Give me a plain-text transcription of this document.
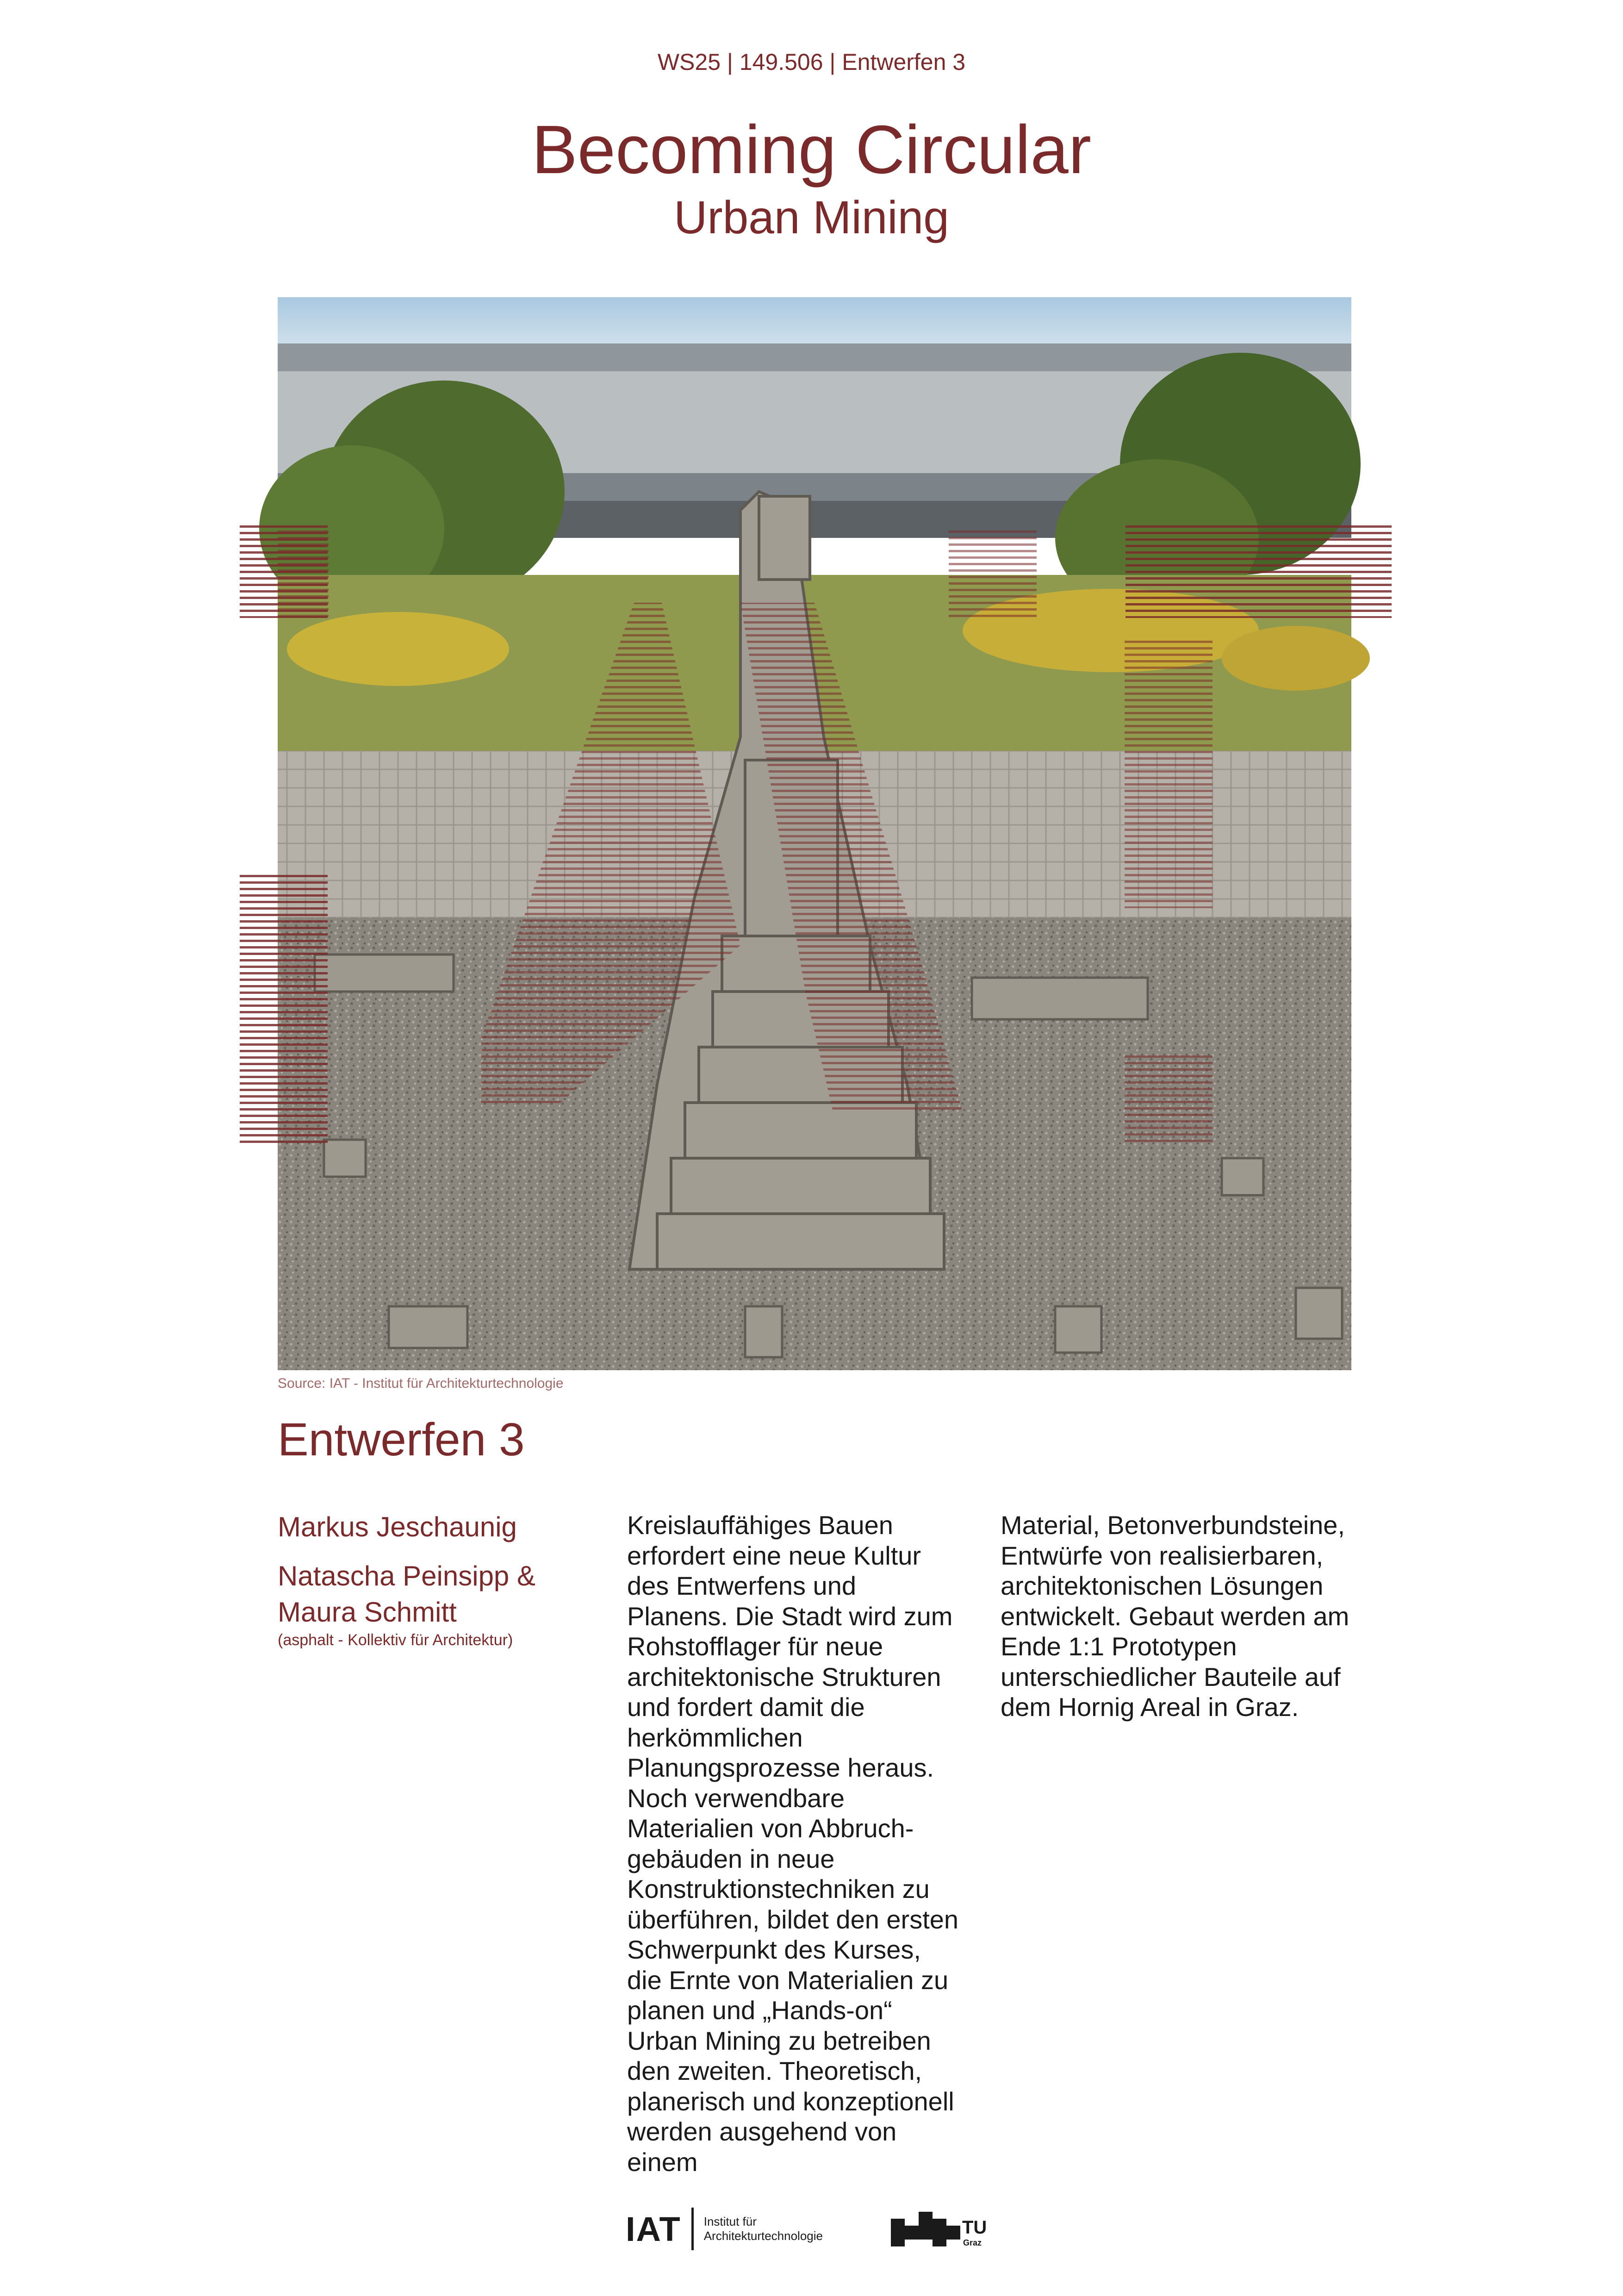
WS25 | 149.506 | Entwerfen 3
Becoming Circular
Urban Mining
Source: IAT - Institut für Architekturtechnologie
Entwerfen 3
Markus Jeschaunig
Natascha Peinsipp &
Maura Schmitt
(asphalt - Kollektiv für Architektur)
Kreislauffähiges Bauen erfordert eine neue Kultur des Entwerfens und Planens. Die Stadt wird zum Rohstofflager für neue architektonische Strukturen und fordert damit die herkömmlichen Planungsprozesse heraus. Noch verwendbare Materialien von Abbruch-gebäuden in neue Konstruktionstechniken zu überführen, bildet den ersten Schwerpunkt des Kurses, die Ernte von Materialien zu planen und „Hands-on“ Urban Mining zu betreiben den zweiten. Theoretisch, planerisch und konzeptionell werden ausgehend von einem
Material, Betonverbundsteine, Entwürfe von realisierbaren, architektonischen Lösungen entwickelt. Gebaut werden am Ende 1:1 Prototypen unterschiedlicher Bauteile auf dem Hornig Areal in Graz.
IAT Institut für
Architekturtechnologie	TU
Graz
